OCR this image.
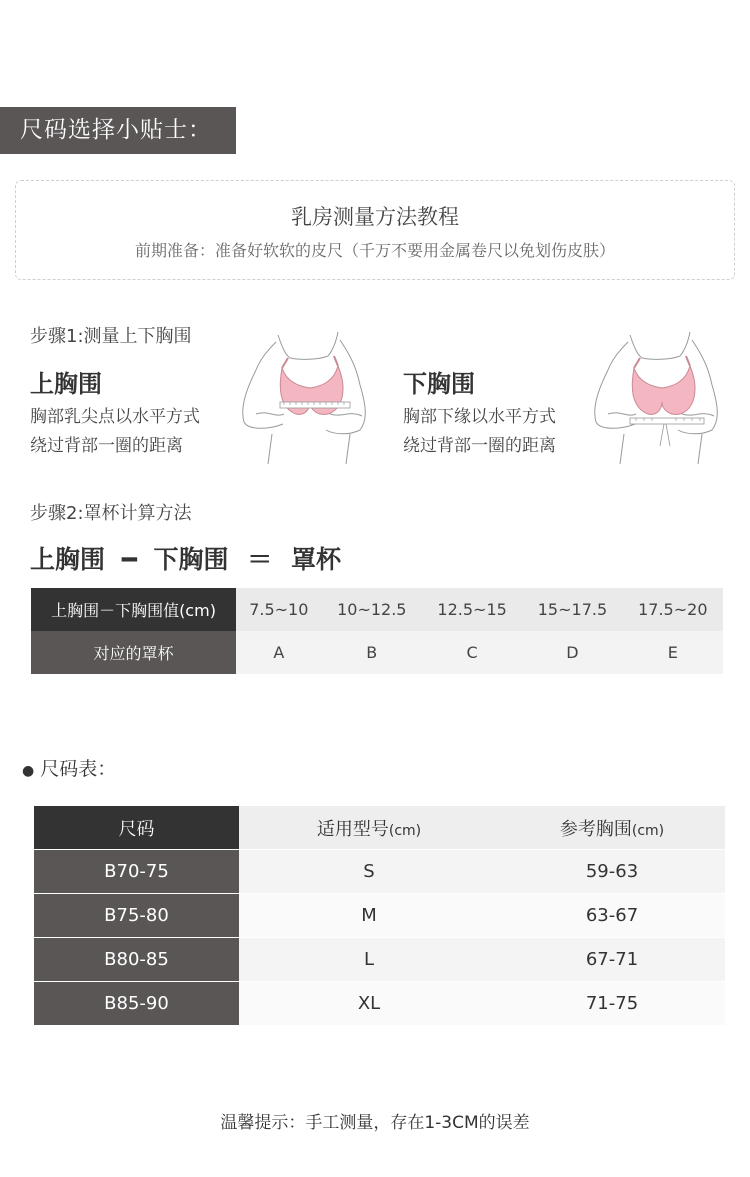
尺码选择小贴士：
乳房测量方法教程
前期准备：准备好软软的皮尺（千万不要用金属卷尺以免划伤皮肤）
步骤1:测量上下胸围
上胸围
胸部乳尖点以水平方式
绕过背部一圈的距离
下胸围
胸部下缘以水平方式
绕过背部一圈的距离
步骤2:罩杯计算方法
上胸围 ━ 下胸围 ＝ 罩杯
上胸围－下胸围值(cm)	7.5~10	10~12.5	12.5~15	15~17.5	17.5~20
对应的罩杯	A	B	C	D	E
● 尺码表：
尺码	适用型号(cm)	参考胸围(cm)
B70-75	S	59-63
B75-80	M	63-67
B80-85	L	67-71
B85-90	XL	71-75
温馨提示：手工测量，存在1-3CM的误差
